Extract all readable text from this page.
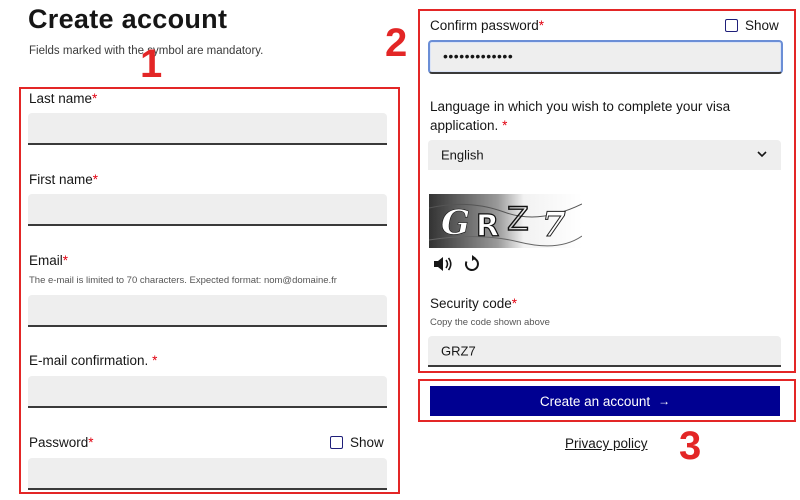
Create account
Fields marked with the symbol are mandatory.
1	2
3
Last name*
First name*
Email*
The e-mail is limited to 70 characters. Expected format: nom@domaine.fr
E-mail confirmation. *
Password*	Show
Confirm password*	Show
•••••••••••••
Language in which you wish to complete your visa
application. *
English
G R Z 7
Security code*
Copy the code shown above
GRZ7
Create an account →
Privacy policy
